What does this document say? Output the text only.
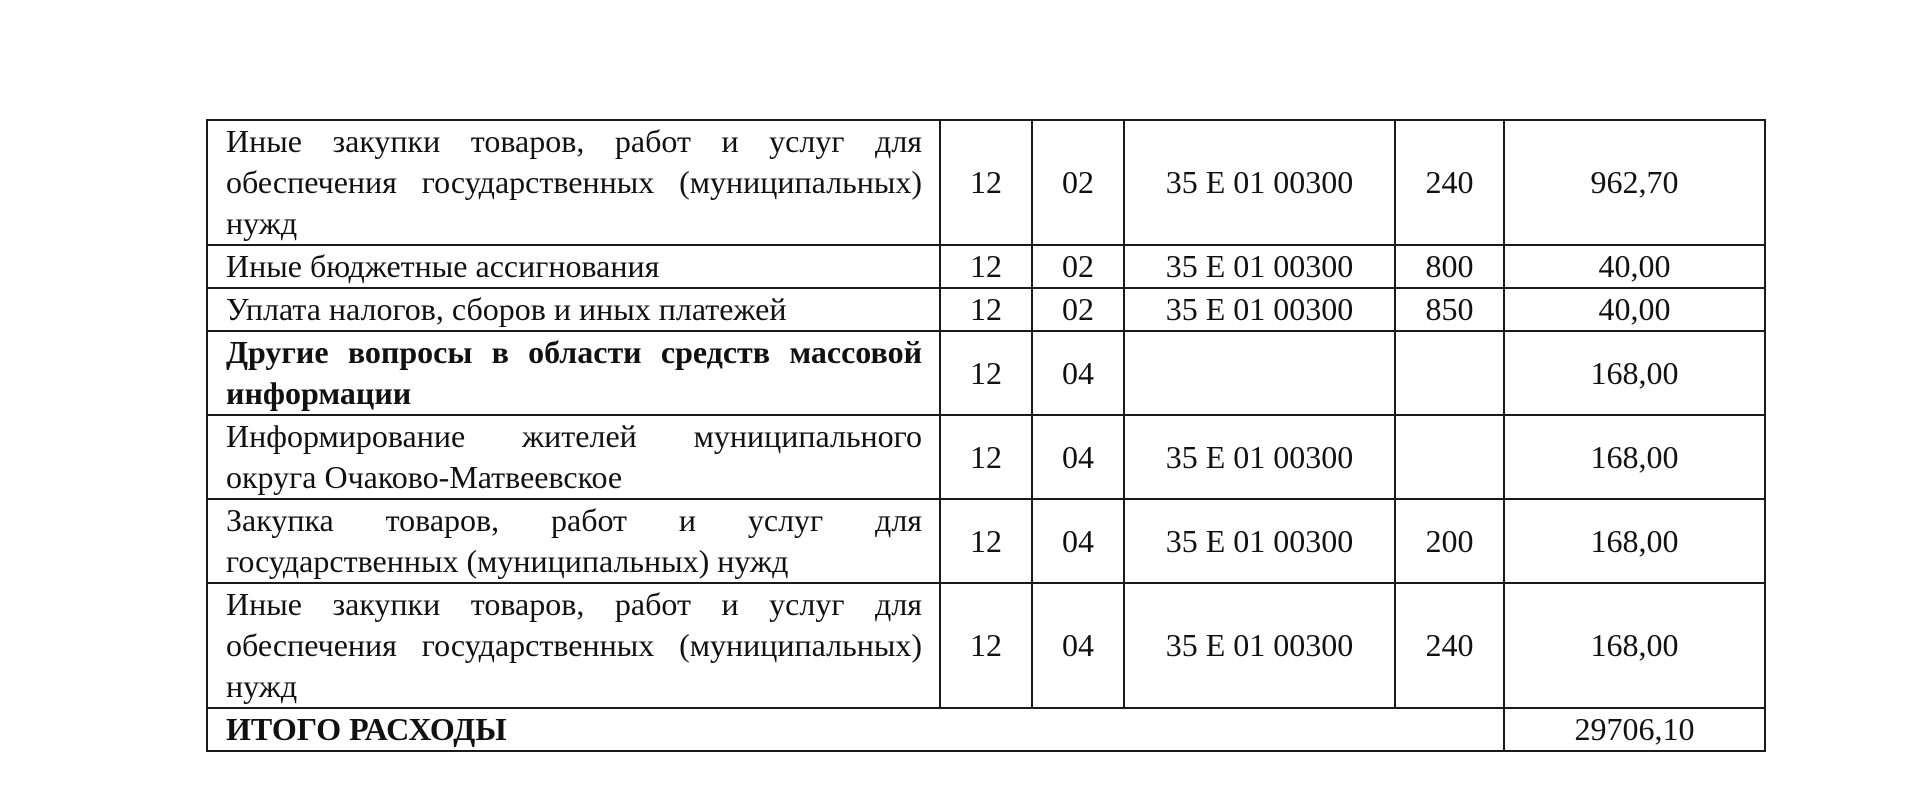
Иные закупки товаров, работ и услуг для обеспечения государственных (муниципальных) нужд	12	02	35 Е 01 00300	240	962,70
Иные бюджетные ассигнования	12	02	35 Е 01 00300	800	40,00
Уплата налогов, сборов и иных платежей	12	02	35 Е 01 00300	850	40,00
Другие вопросы в области средств массовой информации	12	04			168,00
Информирование жителей муниципального округа Очаково-Матвеевское	12	04	35 Е 01 00300		168,00
Закупка товаров, работ и услуг для государственных (муниципальных) нужд	12	04	35 Е 01 00300	200	168,00
Иные закупки товаров, работ и услуг для обеспечения государственных (муниципальных) нужд	12	04	35 Е 01 00300	240	168,00
ИТОГО РАСХОДЫ					29706,10
